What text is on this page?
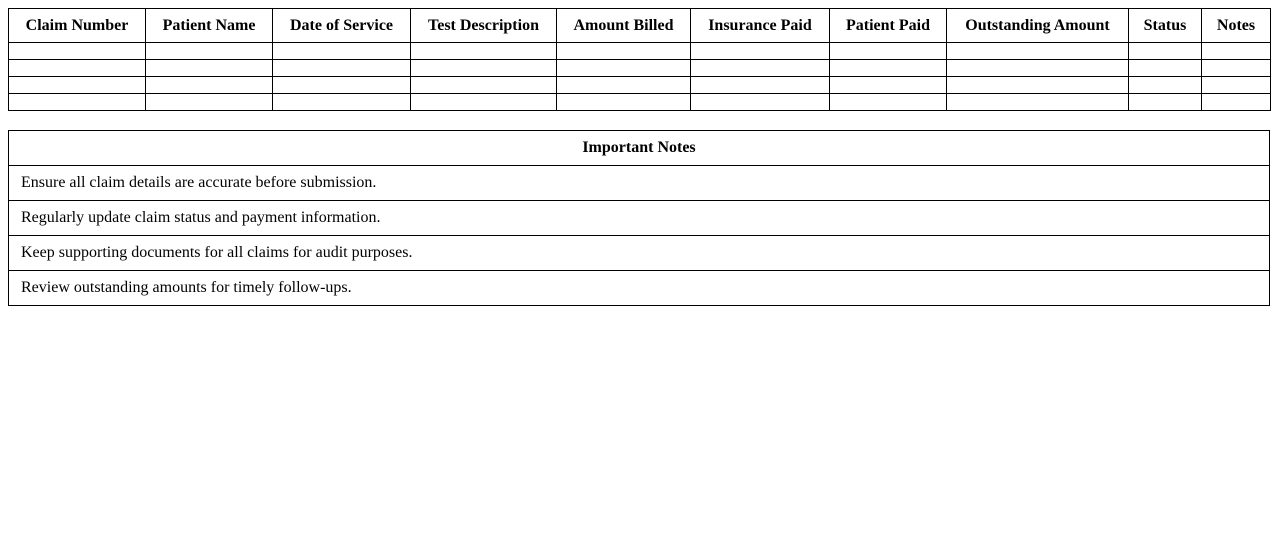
Claim Number	Patient Name	Date of Service	Test Description	Amount Billed	Insurance Paid	Patient Paid	Outstanding Amount	Status	Notes

Important Notes
Ensure all claim details are accurate before submission.
Regularly update claim status and payment information.
Keep supporting documents for all claims for audit purposes.
Review outstanding amounts for timely follow-ups.
